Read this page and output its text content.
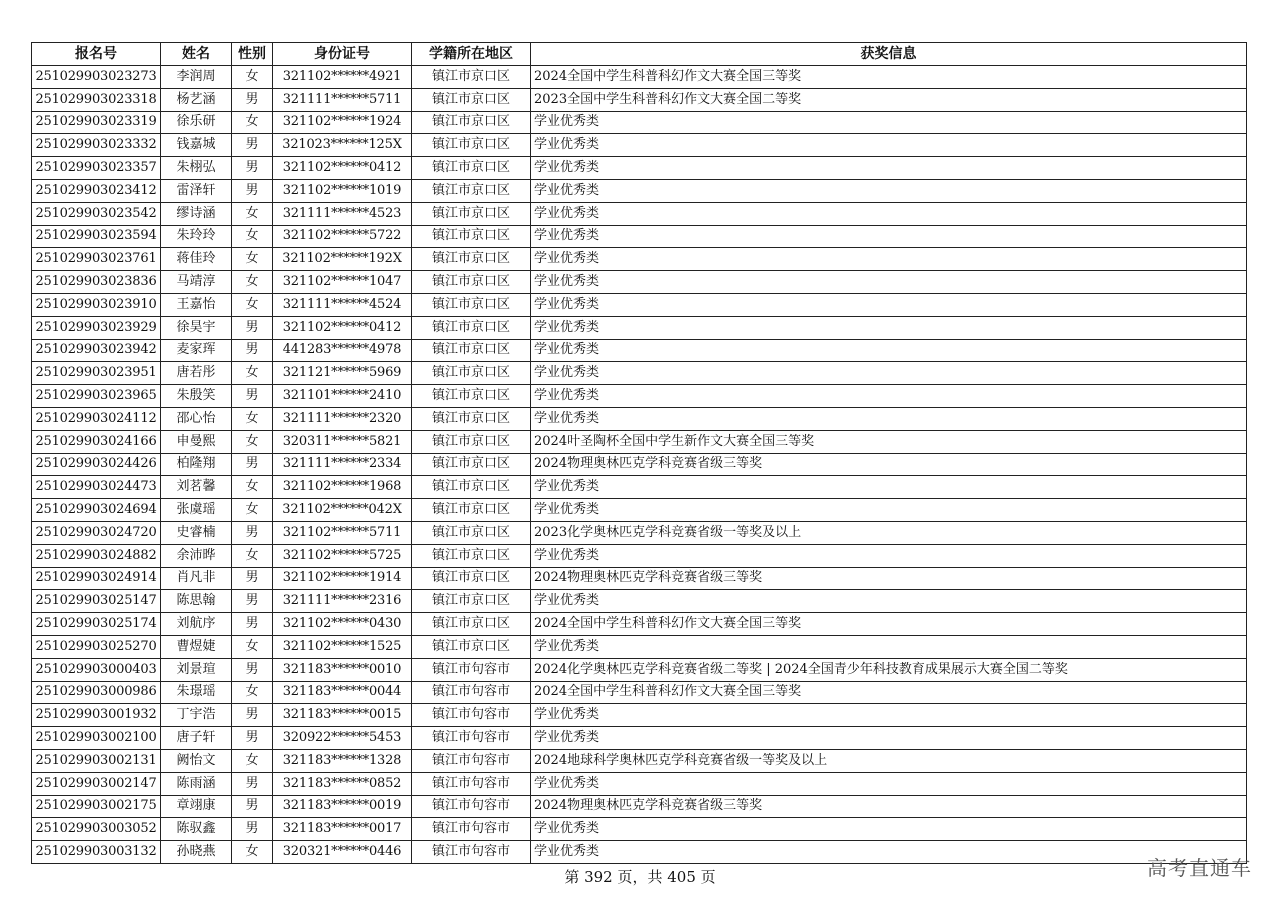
报名号	姓名	性别	身份证号	学籍所在地区	获奖信息
251029903023273	李润周	女	321102******4921	镇江市京口区	2024全国中学生科普科幻作文大赛全国三等奖
251029903023318	杨艺涵	男	321111******5711	镇江市京口区	2023全国中学生科普科幻作文大赛全国二等奖
251029903023319	徐乐研	女	321102******1924	镇江市京口区	学业优秀类
251029903023332	钱嘉城	男	321023******125X	镇江市京口区	学业优秀类
251029903023357	朱栩弘	男	321102******0412	镇江市京口区	学业优秀类
251029903023412	雷泽轩	男	321102******1019	镇江市京口区	学业优秀类
251029903023542	缪诗涵	女	321111******4523	镇江市京口区	学业优秀类
251029903023594	朱玲玲	女	321102******5722	镇江市京口区	学业优秀类
251029903023761	蒋佳玲	女	321102******192X	镇江市京口区	学业优秀类
251029903023836	马靖淳	女	321102******1047	镇江市京口区	学业优秀类
251029903023910	王嘉怡	女	321111******4524	镇江市京口区	学业优秀类
251029903023929	徐昊宇	男	321102******0412	镇江市京口区	学业优秀类
251029903023942	麦家珲	男	441283******4978	镇江市京口区	学业优秀类
251029903023951	唐若彤	女	321121******5969	镇江市京口区	学业优秀类
251029903023965	朱殷笑	男	321101******2410	镇江市京口区	学业优秀类
251029903024112	邵心怡	女	321111******2320	镇江市京口区	学业优秀类
251029903024166	申曼熙	女	320311******5821	镇江市京口区	2024叶圣陶杯全国中学生新作文大赛全国三等奖
251029903024426	柏隆翔	男	321111******2334	镇江市京口区	2024物理奥林匹克学科竞赛省级三等奖
251029903024473	刘茗馨	女	321102******1968	镇江市京口区	学业优秀类
251029903024694	张虞瑶	女	321102******042X	镇江市京口区	学业优秀类
251029903024720	史睿楠	男	321102******5711	镇江市京口区	2023化学奥林匹克学科竞赛省级一等奖及以上
251029903024882	余沛晔	女	321102******5725	镇江市京口区	学业优秀类
251029903024914	肖凡非	男	321102******1914	镇江市京口区	2024物理奥林匹克学科竞赛省级三等奖
251029903025147	陈思翰	男	321111******2316	镇江市京口区	学业优秀类
251029903025174	刘航序	男	321102******0430	镇江市京口区	2024全国中学生科普科幻作文大赛全国三等奖
251029903025270	曹煜婕	女	321102******1525	镇江市京口区	学业优秀类
251029903000403	刘景瑄	男	321183******0010	镇江市句容市	2024化学奥林匹克学科竞赛省级二等奖 | 2024全国青少年科技教育成果展示大赛全国二等奖
251029903000986	朱璟瑶	女	321183******0044	镇江市句容市	2024全国中学生科普科幻作文大赛全国三等奖
251029903001932	丁宇浩	男	321183******0015	镇江市句容市	学业优秀类
251029903002100	唐子轩	男	320922******5453	镇江市句容市	学业优秀类
251029903002131	阙怡文	女	321183******1328	镇江市句容市	2024地球科学奥林匹克学科竞赛省级一等奖及以上
251029903002147	陈雨涵	男	321183******0852	镇江市句容市	学业优秀类
251029903002175	章翊康	男	321183******0019	镇江市句容市	2024物理奥林匹克学科竞赛省级三等奖
251029903003052	陈驭鑫	男	321183******0017	镇江市句容市	学业优秀类
251029903003132	孙晓燕	女	320321******0446	镇江市句容市	学业优秀类
第 392 页，共 405 页	高考直通车
